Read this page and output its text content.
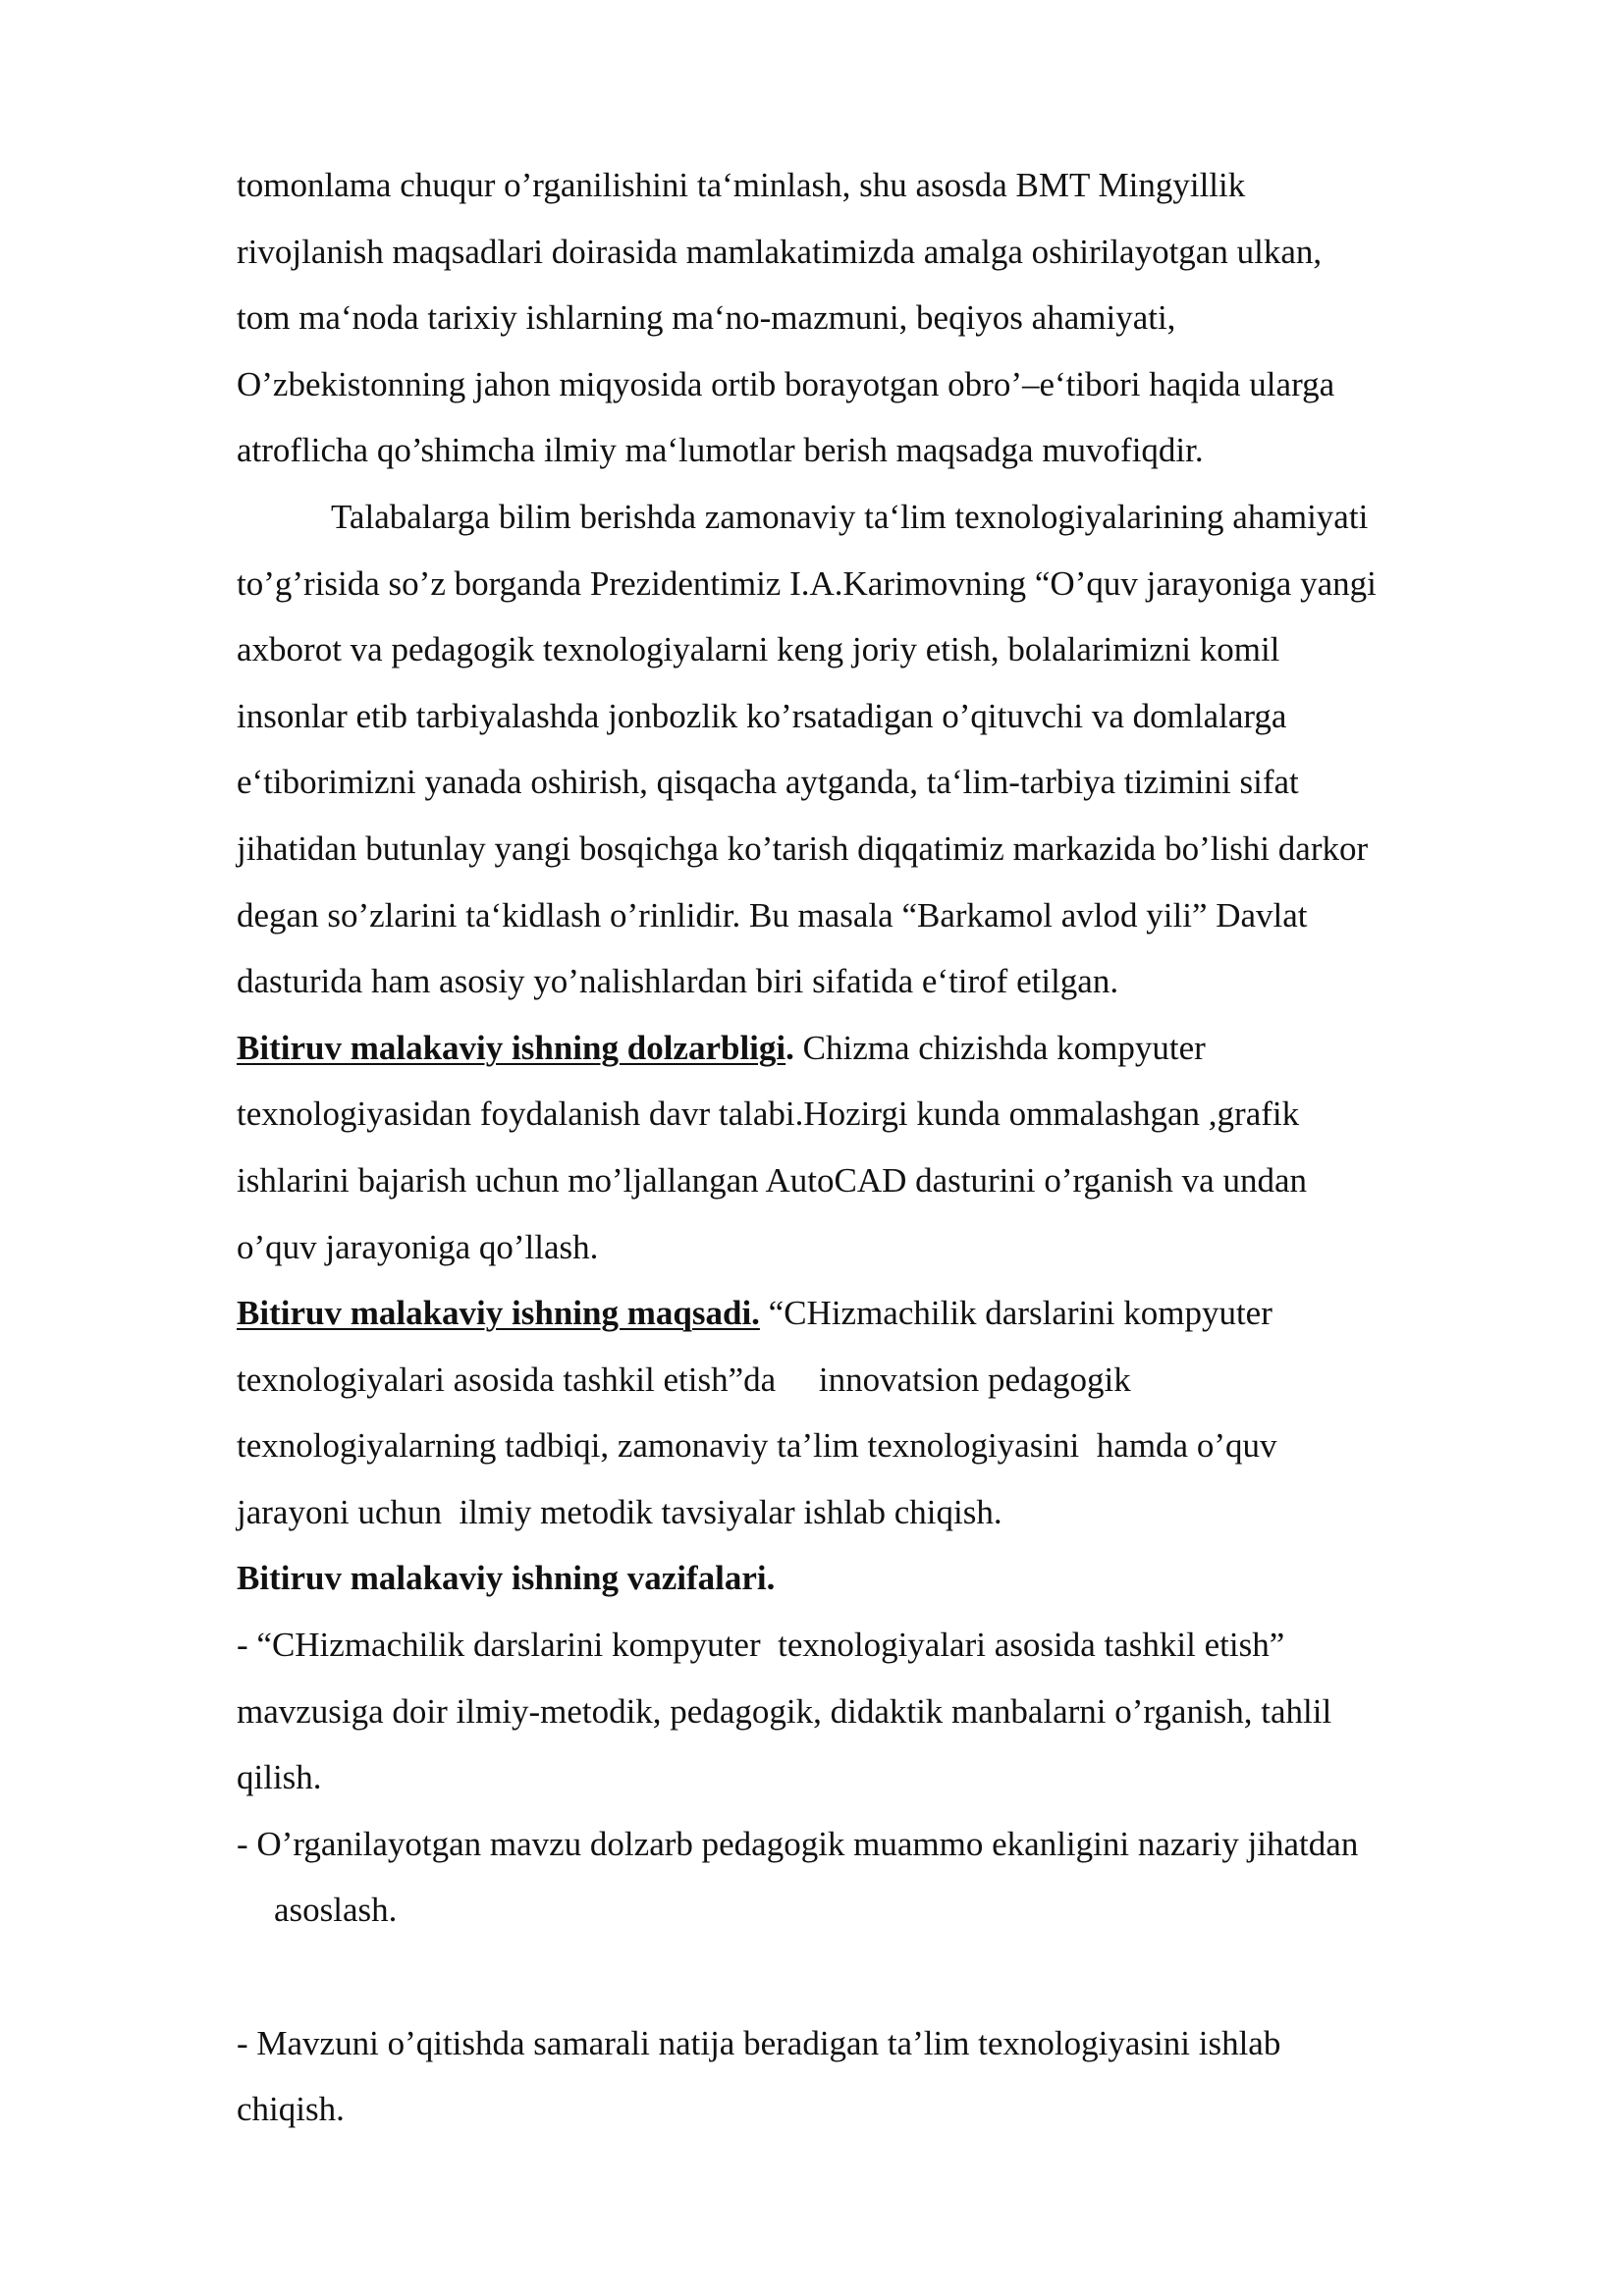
tomonlama chuqur o’rganilishini taʻminlash, shu asosda BMT Mingyillik
rivojlanish maqsadlari doirasida mamlakatimizda amalga oshirilayotgan ulkan,
tom maʻnoda tarixiy ishlarning maʻno-mazmuni, beqiyos ahamiyati,
O’zbekistonning jahon miqyosida ortib borayotgan obro’–eʻtibori haqida ularga
atroflicha qo’shimcha ilmiy maʻlumotlar berish maqsadga muvofiqdir.
Talabalarga bilim berishda zamonaviy taʻlim texnologiyalarining ahamiyati
to’g’risida so’z borganda Prezidentimiz I.A.Karimovning “O’quv jarayoniga yangi
axborot va pedagogik texnologiyalarni keng joriy etish, bolalarimizni komil
insonlar etib tarbiyalashda jonbozlik ko’rsatadigan o’qituvchi va domlalarga
eʻtiborimizni yanada oshirish, qisqacha aytganda, taʻlim-tarbiya tizimini sifat
jihatidan butunlay yangi bosqichga ko’tarish diqqatimiz markazida bo’lishi darkor
degan so’zlarini taʻkidlash o’rinlidir. Bu masala “Barkamol avlod yili” Davlat
dasturida ham asosiy yo’nalishlardan biri sifatida eʻtirof etilgan.
Bitiruv malakaviy ishning dolzarbligi. Chizma chizishda kompyuter
texnologiyasidan foydalanish davr talabi.Hozirgi kunda ommalashgan ,grafik
ishlarini bajarish uchun mo’ljallangan AutoCAD dasturini o’rganish va undan
o’quv jarayoniga qo’llash.
Bitiruv malakaviy ishning maqsadi. “CHizmachilik darslarini kompyuter
texnologiyalari asosida tashkil etish”da     innovatsion pedagogik
texnologiyalarning tadbiqi, zamonaviy ta’lim texnologiyasini  hamda o’quv
jarayoni uchun  ilmiy metodik tavsiyalar ishlab chiqish.
Bitiruv malakaviy ishning vazifalari.
- “CHizmachilik darslarini kompyuter  texnologiyalari asosida tashkil etish”
mavzusiga doir ilmiy-metodik, pedagogik, didaktik manbalarni o’rganish, tahlil
qilish.
- O’rganilayotgan mavzu dolzarb pedagogik muammo ekanligini nazariy jihatdan
asoslash.
- Mavzuni o’qitishda samarali natija beradigan ta’lim texnologiyasini ishlab
chiqish.
